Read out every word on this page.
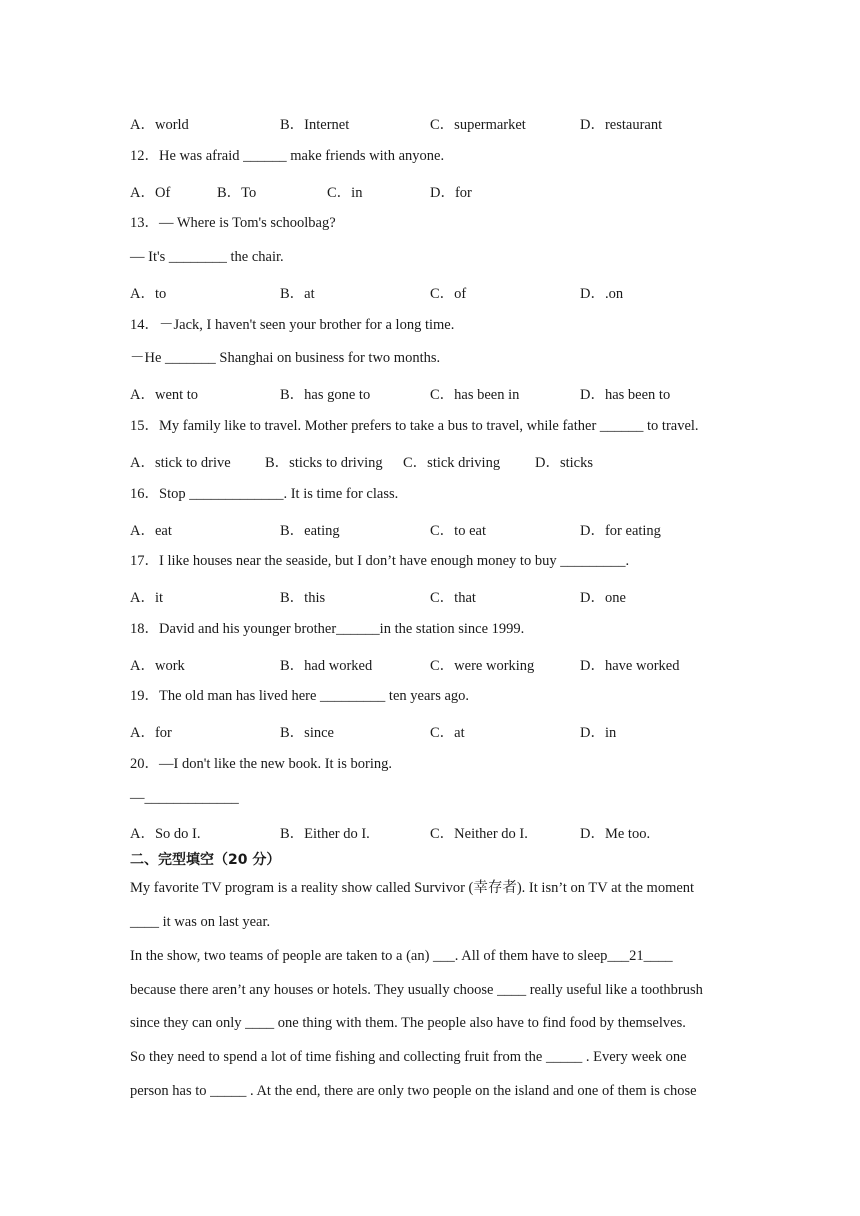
A．world	B．Internet	C．supermarket	D．restaurant
12．He was afraid ______ make friends with anyone.
A．Of	B．To	C．in	D．for
13．— Where is Tom's schoolbag?
— It's ________ the chair.
A．to	B．at	C．of	D．.on
14．－Jack, I haven't seen your brother for a long time.
－He _______ Shanghai on business for two months.
A．went to	B．has gone to	C．has been in	D．has been to
15．My family like to travel. Mother prefers to take a bus to travel, while father ______ to travel.
A．stick to drive B．sticks to driving C．stick driving D．sticks
16．Stop _____________. It is time for class.
A．eat	B．eating	C．to eat	D．for eating
17．I like houses near the seaside, but I don’t have enough money to buy _________.
A．it	B．this	C．that	D．one
18．David and his younger brother______in the station since 1999.
A．work	B．had worked	C．were working	D．have worked
19．The old man has lived here _________ ten years ago.
A．for	B．since	C．at	D．in
20．—I don't like the new book. It is boring.
—_____________
A．So do I.	B．Either do I.	C．Neither do I.	D．Me too.
二、完型填空（20 分）
My favorite TV program is a reality show called Survivor (幸存者). It isn’t on TV at the moment
____ it was on last year.
In the show, two teams of people are taken to a (an) ___. All of them have to sleep___21____
because there aren’t any houses or hotels. They usually choose ____ really useful like a toothbrush
since they can only ____ one thing with them. The people also have to find food by themselves.
So they need to spend a lot of time fishing and collecting fruit from the _____ . Every week one
person has to _____ . At the end, there are only two people on the island and one of them is chose
